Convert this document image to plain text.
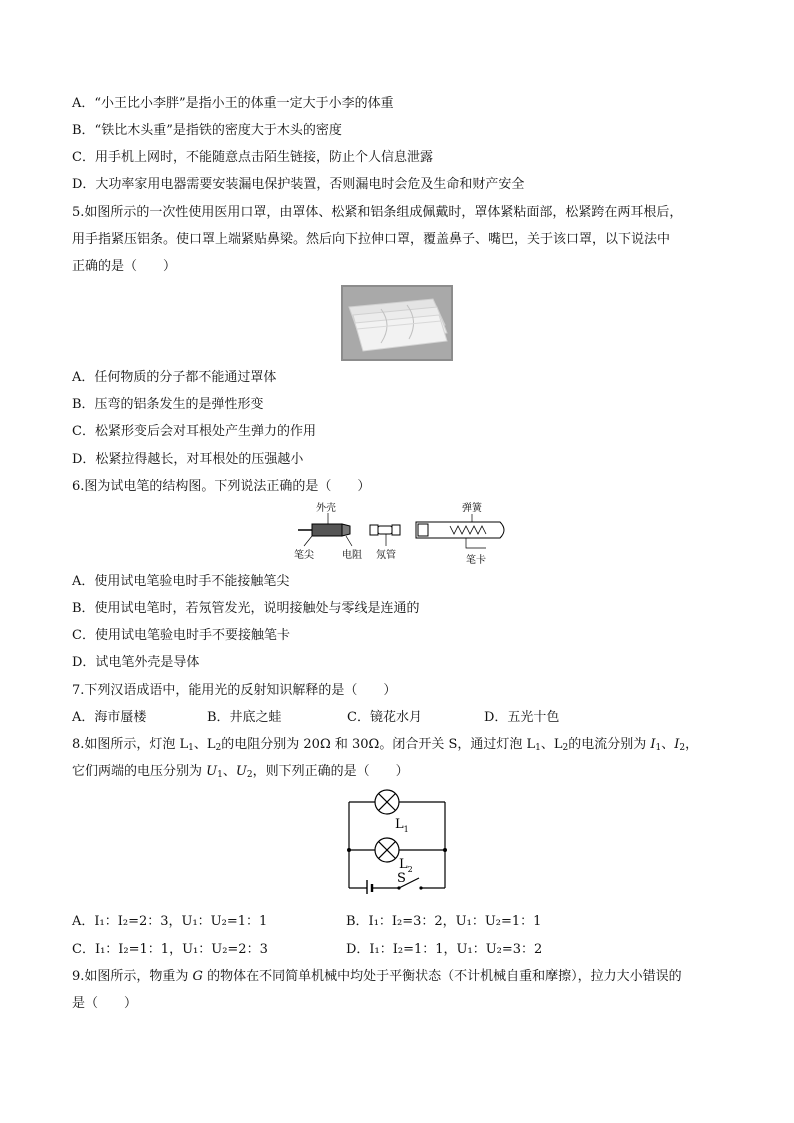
A．“小王比小李胖”是指小王的体重一定大于小李的体重
B．“铁比木头重”是指铁的密度大于木头的密度
C．用手机上网时，不能随意点击陌生链接，防止个人信息泄露
D．大功率家用电器需要安装漏电保护装置，否则漏电时会危及生命和财产安全
5.如图所示的一次性使用医用口罩，由罩体、松紧和铝条组成佩戴时，罩体紧粘面部，松紧跨在两耳根后，
用手指紧压铝条。使口罩上端紧贴鼻梁。然后向下拉伸口罩，覆盖鼻子、嘴巴，关于该口罩，以下说法中
正确的是（　　）
A．任何物质的分子都不能通过罩体
B．压弯的铝条发生的是弹性形变
C．松紧形变后会对耳根处产生弹力的作用
D．松紧拉得越长，对耳根处的压强越小
6.图为试电笔的结构图。下列说法正确的是（　　）
外壳	弹簧
笔尖	电阻 氖管	笔卡
A．使用试电笔验电时手不能接触笔尖
B．使用试电笔时，若氖管发光，说明接触处与零线是连通的
C．使用试电笔验电时手不要接触笔卡
D．试电笔外壳是导体
7.下列汉语成语中，能用光的反射知识解释的是（　　）
A．海市蜃楼	B．井底之蛙	C．镜花水月	D．五光十色
8.如图所示，灯泡 $L_1$、$L_2$的电阻分别为 20Ω 和 30Ω。闭合开关 S，通过灯泡 $L_1$、$L_2$的电流分别为 $I_1$、$I_2$，
它们两端的电压分别为 $U_1$、$U_2$，则下列正确的是（　　）
$L_1$
$L_2$
S
A．I₁：I₂=2：3，U₁：U₂=1：1	B．I₁：I₂=3：2，U₁：U₂=1：1
C．I₁：I₂=1：1，U₁：U₂=2：3	D．I₁：I₂=1：1，U₁：U₂=3：2
9.如图所示，物重为 G 的物体在不同简单机械中均处于平衡状态（不计机械自重和摩擦），拉力大小错误的
是（　　）
